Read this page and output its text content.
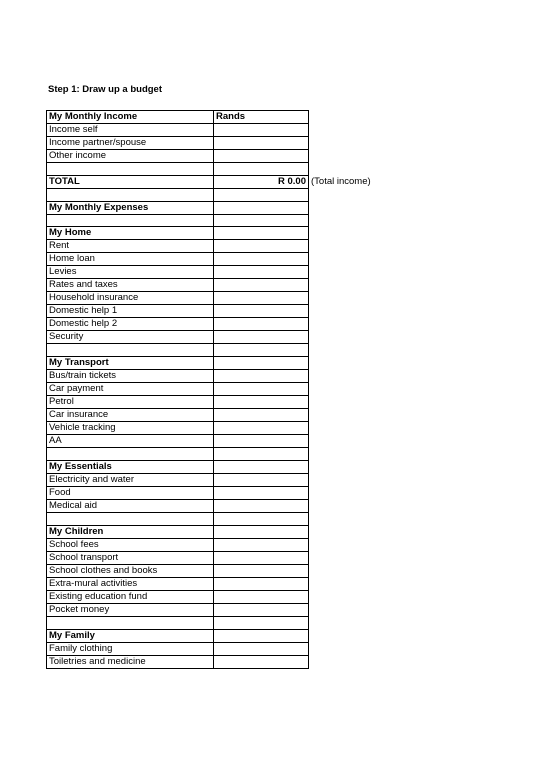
Step 1: Draw up a budget
My Monthly Income	Rands
Income self	
Income partner/spouse	
Other income	

TOTAL	R 0.00 (Total income)

My Monthly Expenses	

My Home	
Rent	
Home loan	
Levies	
Rates and taxes	
Household insurance	
Domestic help 1	
Domestic help 2	
Security	

My Transport	
Bus/train tickets	
Car payment	
Petrol	
Car insurance	
Vehicle tracking	
AA	

My Essentials	
Electricity and water	
Food	
Medical aid	

My Children	
School fees	
School transport	
School clothes and books	
Extra-mural activities	
Existing education fund	
Pocket money	

My Family	
Family clothing	
Toiletries and medicine	
